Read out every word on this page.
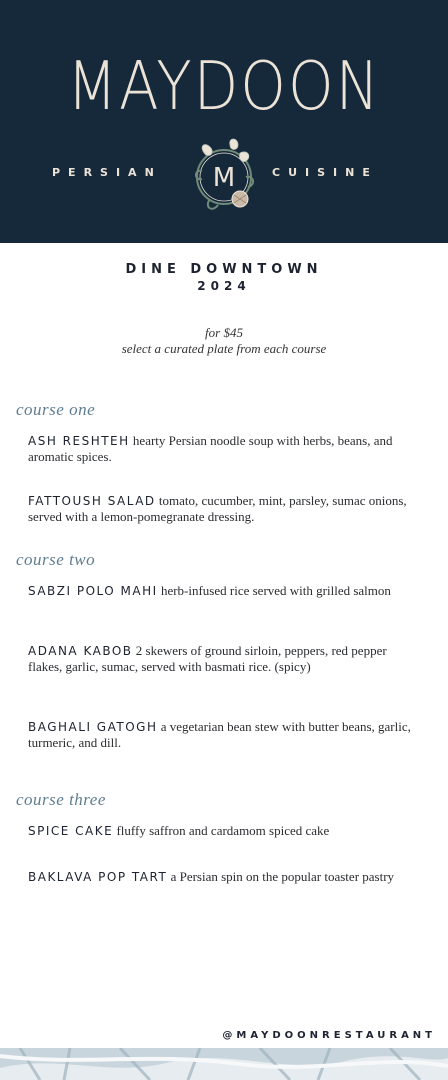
MAYDOON
PERSIAN	CUISINE
M
DINE DOWNTOWN
2024
for $45
select a curated plate from each course
course one
ASH RESHTEH hearty Persian noodle soup with herbs, beans, and aromatic spices.
FATTOUSH SALAD tomato, cucumber, mint, parsley, sumac onions, served with a lemon-pomegranate dressing.
course two
SABZI POLO MAHI herb-infused rice served with grilled salmon
ADANA KABOB 2 skewers of ground sirloin, peppers, red pepper flakes, garlic, sumac, served with basmati rice. (spicy)
BAGHALI GATOGH a vegetarian bean stew with butter beans, garlic, turmeric, and dill.
course three
SPICE CAKE fluffy saffron and cardamom spiced cake
BAKLAVA POP TART a Persian spin on the popular toaster pastry
@MAYDOONRESTAURANT
